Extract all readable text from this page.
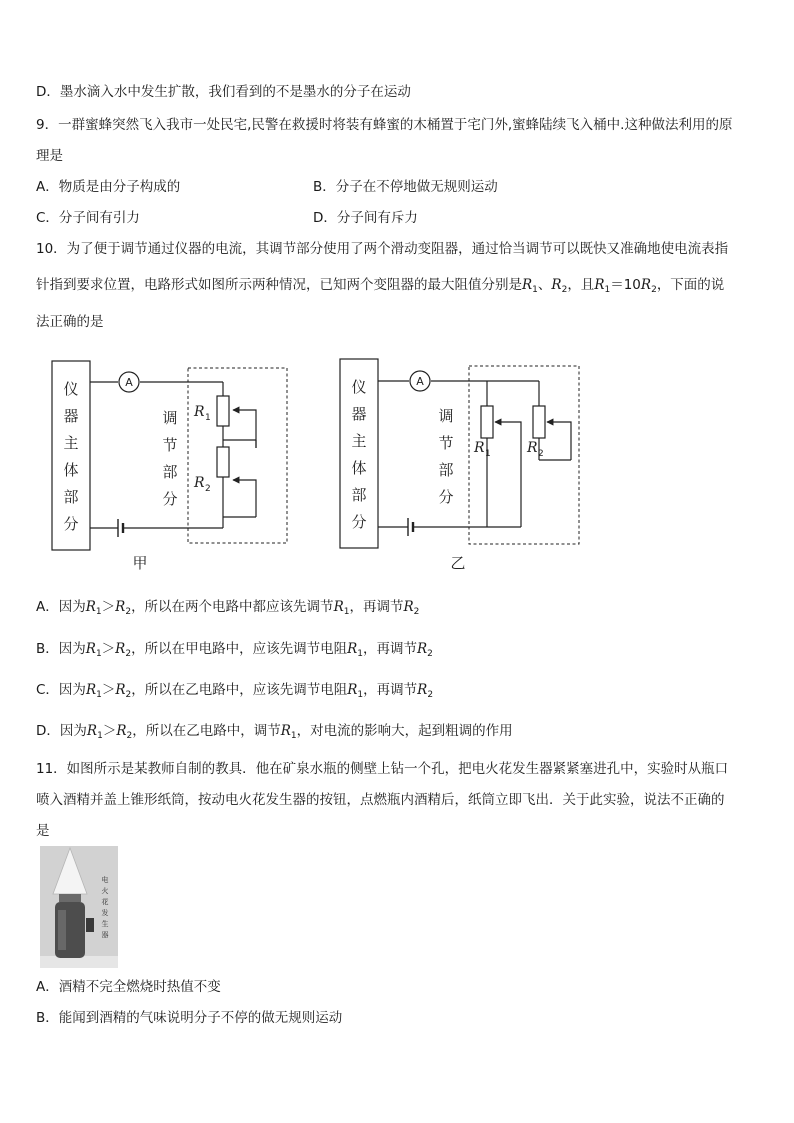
D．墨水滴入水中发生扩散，我们看到的不是墨水的分子在运动
9．一群蜜蜂突然飞入我市一处民宅,民警在救援时将装有蜂蜜的木桶置于宅门外,蜜蜂陆续飞入桶中.这种做法利用的原
理是
A．物质是由分子构成的	B．分子在不停地做无规则运动
C．分子间有引力	D．分子间有斥力
10．为了便于调节通过仪器的电流，其调节部分使用了两个滑动变阻器，通过恰当调节可以既快又准确地使电流表指
针指到要求位置，电路形式如图所示两种情况，已知两个变阻器的最大阻值分别是$R_1$、$R_2$，且$R_1=10R_2$，下面的说
法正确的是
仪
器
主
体
部
分
调
节
部
分
甲
仪
器
主
体
部
分
调
节
部
分
乙
A	A
R 1
R 2
R 1	R 2
A．因为$R_1>R_2$，所以在两个电路中都应该先调节$R_1$，再调节$R_2$
B．因为$R_1>R_2$，所以在甲电路中，应该先调节电阻$R_1$，再调节$R_2$
C．因为$R_1>R_2$，所以在乙电路中，应该先调节电阻$R_1$，再调节$R_2$
D．因为$R_1>R_2$，所以在乙电路中，调节$R_1$，对电流的影响大，起到粗调的作用
11．如图所示是某教师自制的教具．他在矿泉水瓶的侧壁上钻一个孔，把电火花发生器紧紧塞进孔中，实验时从瓶口
喷入酒精并盖上锥形纸筒，按动电火花发生器的按钮，点燃瓶内酒精后，纸筒立即飞出．关于此实验，说法不正确的
是
电
火
花
发
生
器
A．酒精不完全燃烧时热值不变
B．能闻到酒精的气味说明分子不停的做无规则运动
